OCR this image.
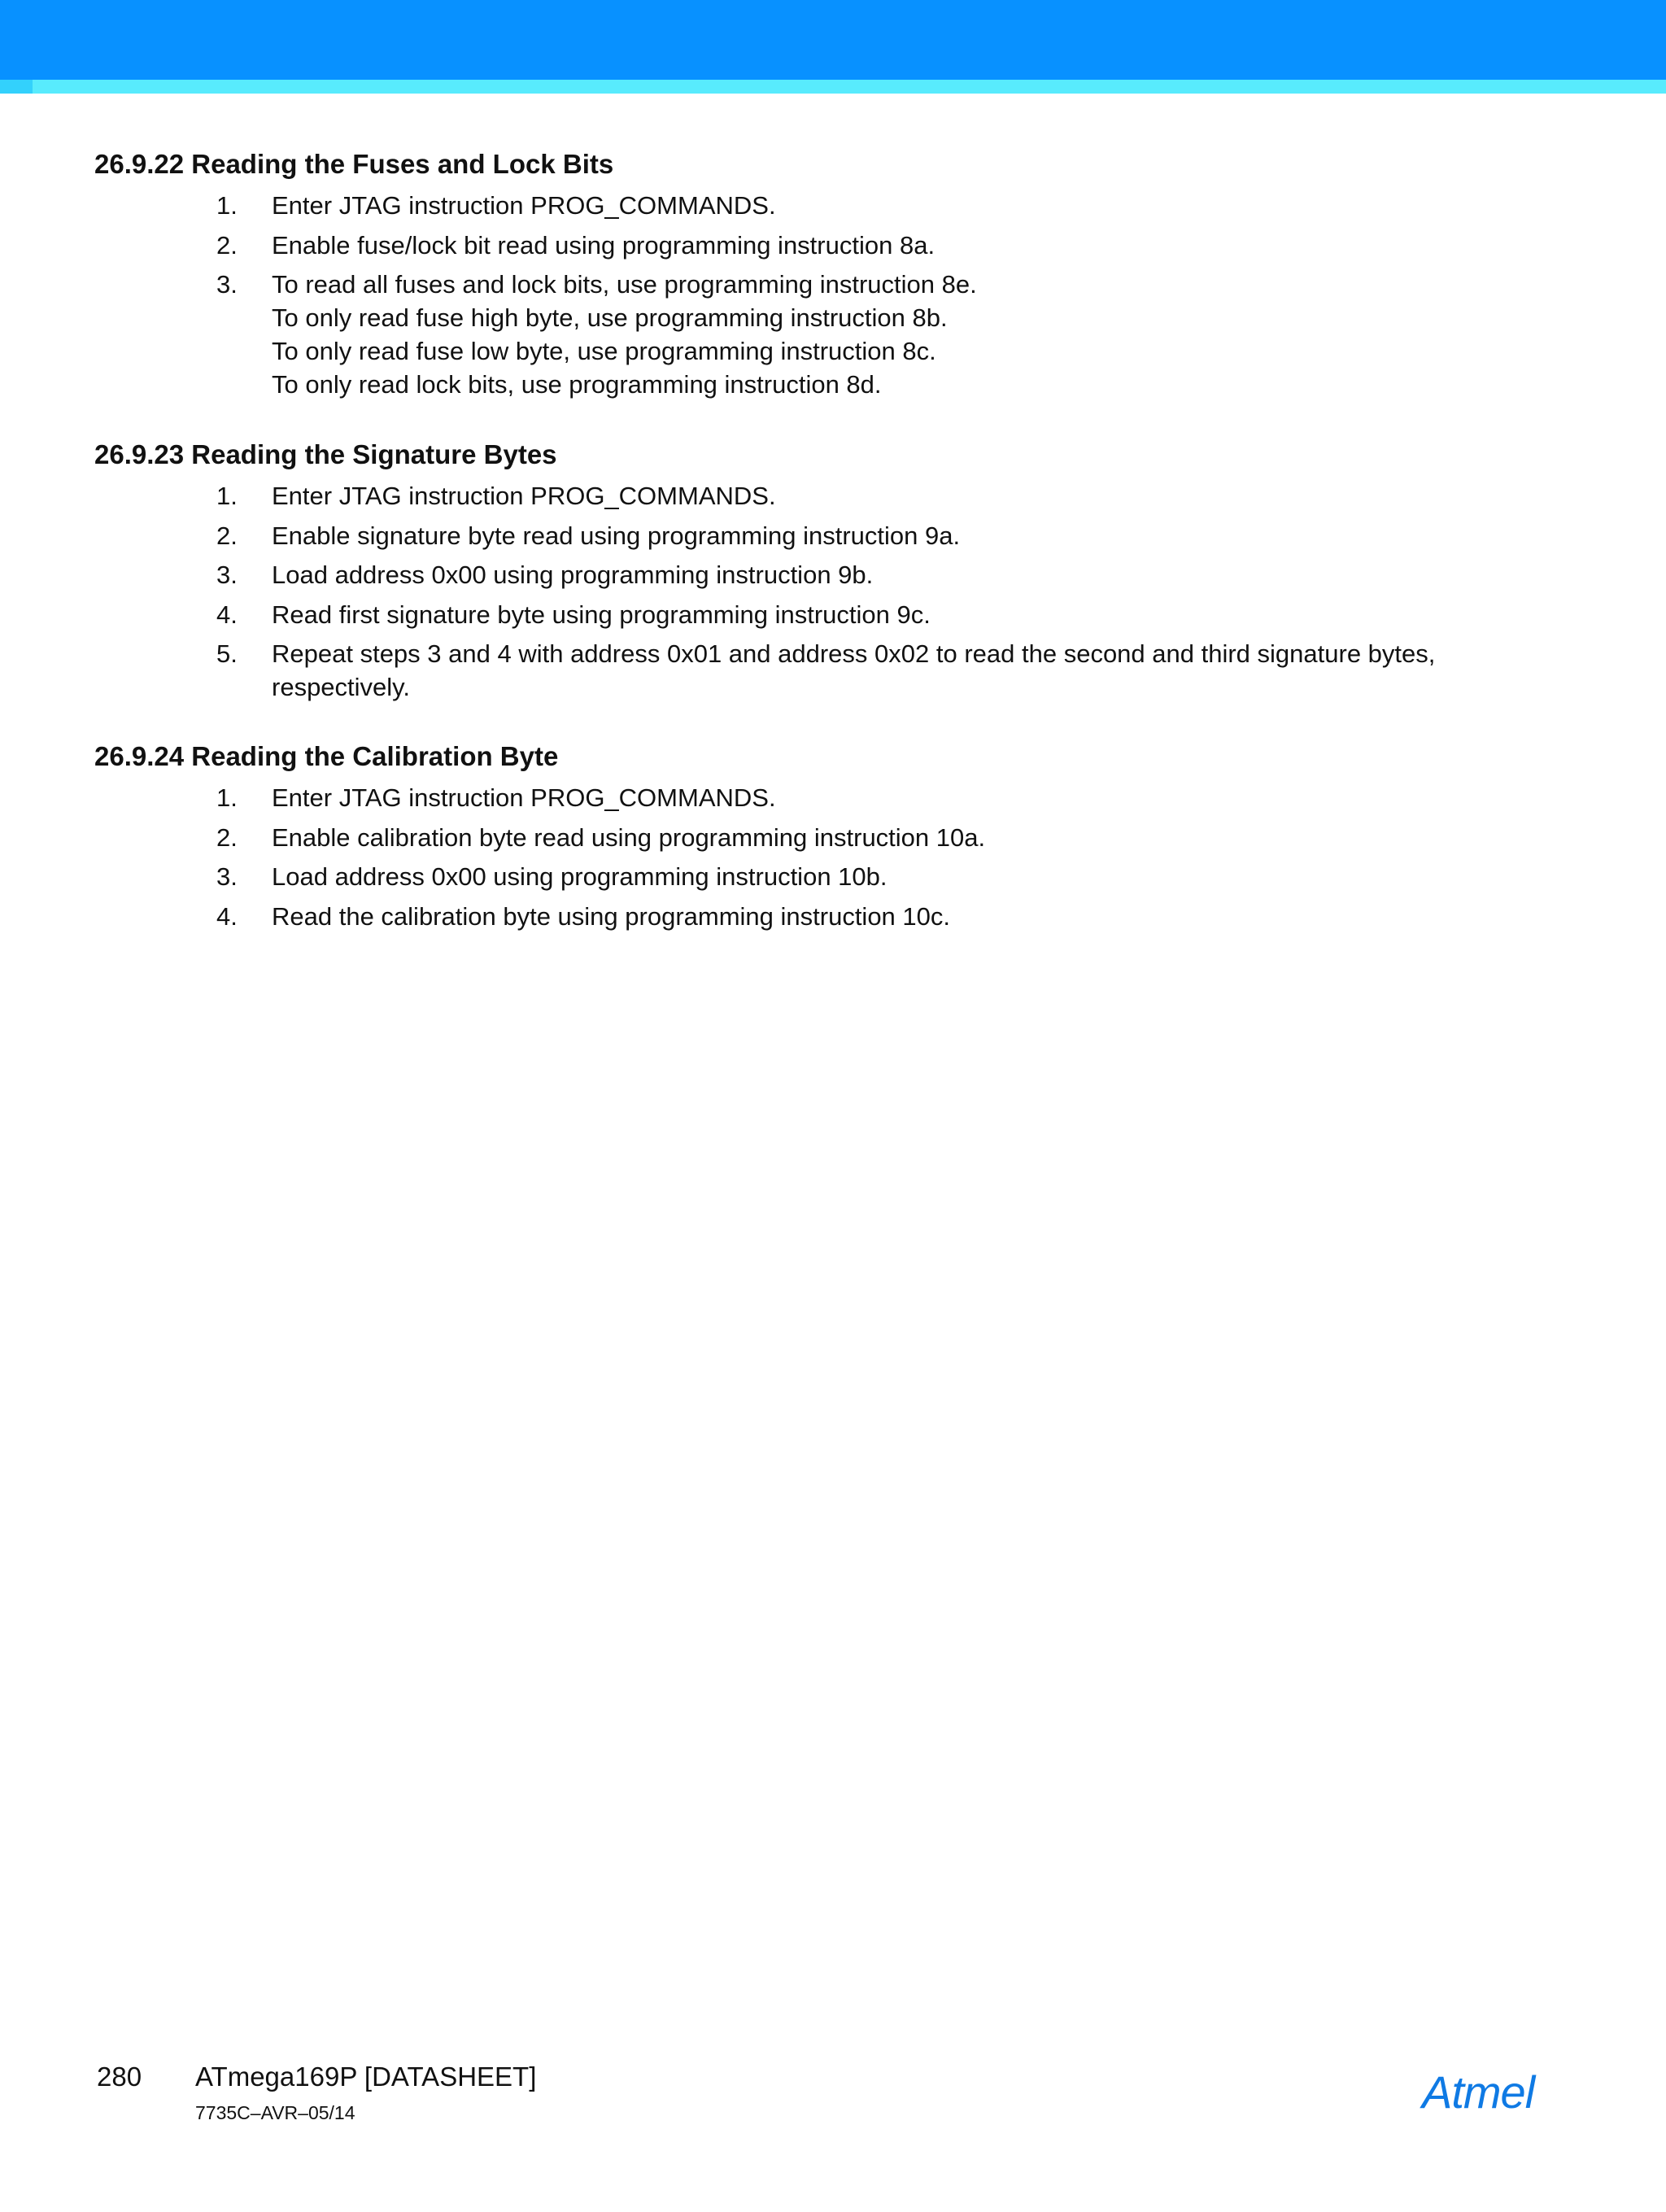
26.9.22 Reading the Fuses and Lock Bits
1. Enter JTAG instruction PROG_COMMANDS.
2. Enable fuse/lock bit read using programming instruction 8a.
3. To read all fuses and lock bits, use programming instruction 8e.
To only read fuse high byte, use programming instruction 8b.
To only read fuse low byte, use programming instruction 8c.
To only read lock bits, use programming instruction 8d.
26.9.23 Reading the Signature Bytes
1. Enter JTAG instruction PROG_COMMANDS.
2. Enable signature byte read using programming instruction 9a.
3. Load address 0x00 using programming instruction 9b.
4. Read first signature byte using programming instruction 9c.
5. Repeat steps 3 and 4 with address 0x01 and address 0x02 to read the second and third signature bytes,
respectively.
26.9.24 Reading the Calibration Byte
1. Enter JTAG instruction PROG_COMMANDS.
2. Enable calibration byte read using programming instruction 10a.
3. Load address 0x00 using programming instruction 10b.
4. Read the calibration byte using programming instruction 10c.
280 ATmega169P [DATASHEET]
7735C–AVR–05/14	Atmel
